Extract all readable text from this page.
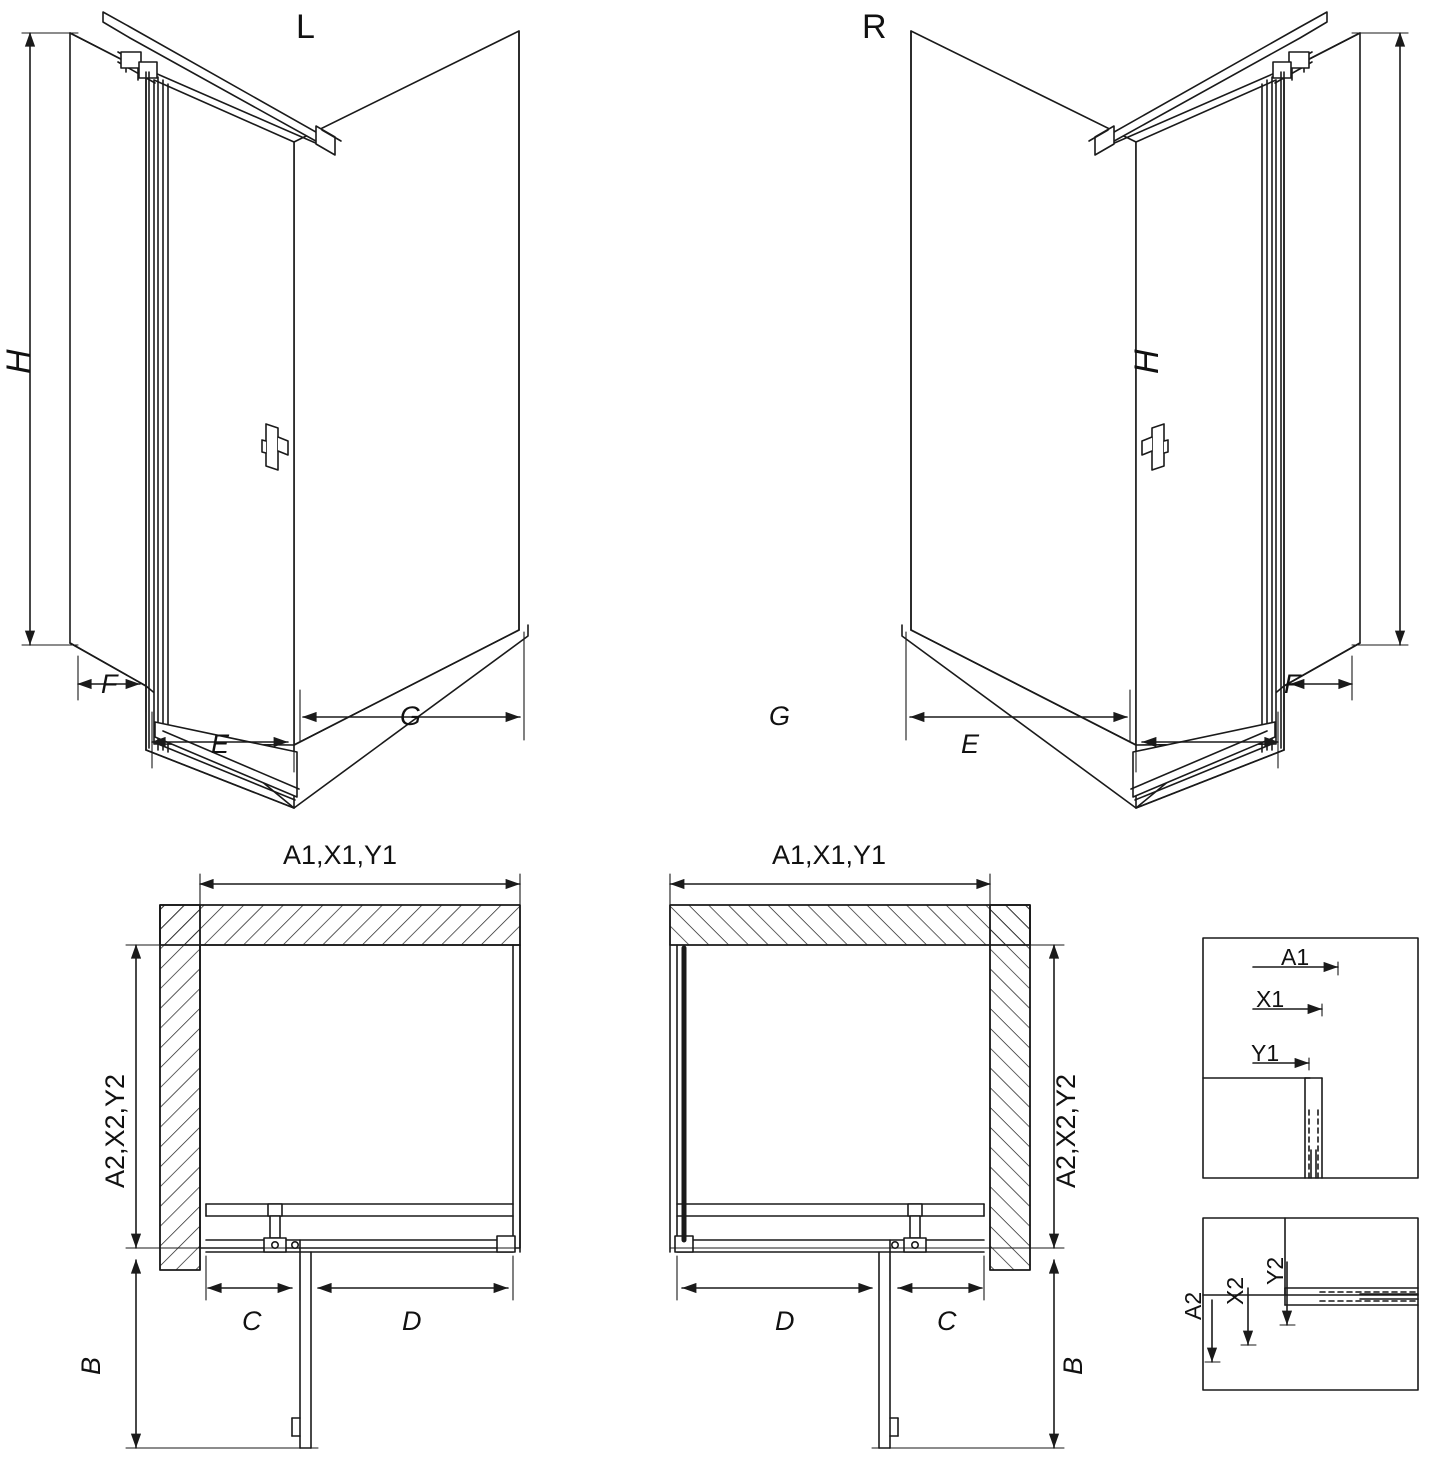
L	R
H
F
E
G
H
G
E
F
A1,X1,Y1
A2,X2,Y2
C	D
B
A1,X1,Y1
A2,X2,Y2
D	C
B
A1
X1
Y1
A2
X2
Y2
